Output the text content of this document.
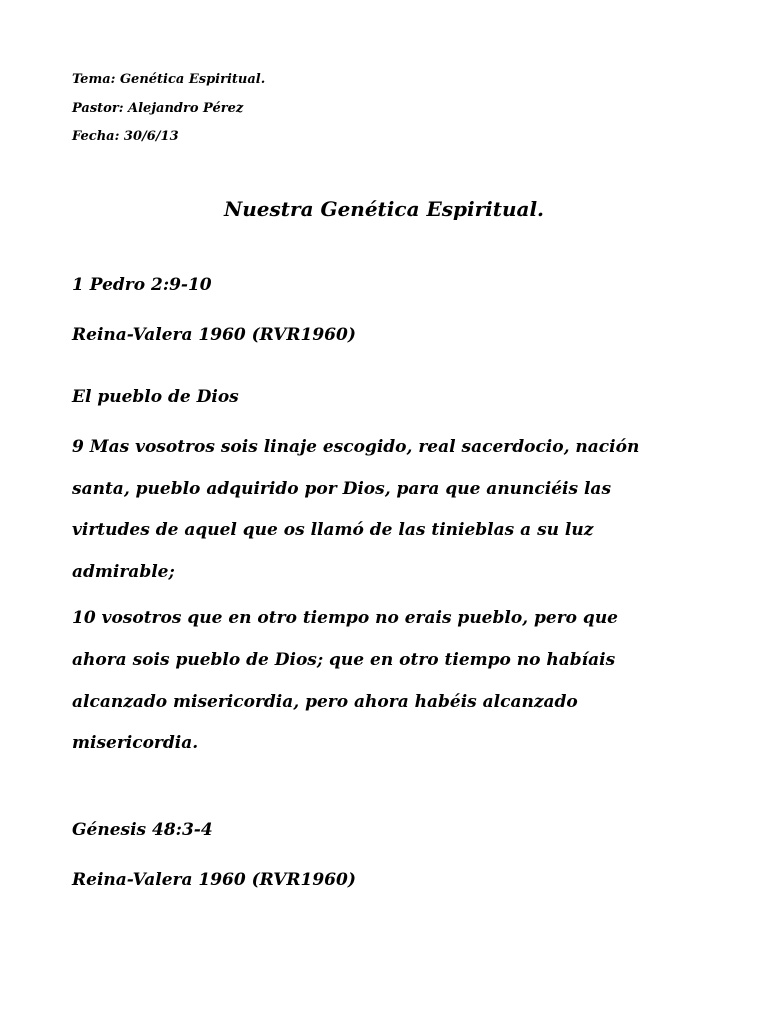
Tema: Genética Espiritual.
Pastor: Alejandro Pérez
Fecha: 30/6/13
Nuestra Genética Espiritual.
1 Pedro 2:9-10
Reina-Valera 1960 (RVR1960)
El pueblo de Dios
9 Mas vosotros sois linaje escogido, real sacerdocio, nación
santa, pueblo adquirido por Dios, para que anunciéis las
virtudes de aquel que os llamó de las tinieblas a su luz
admirable;
10 vosotros que en otro tiempo no erais pueblo, pero que
ahora sois pueblo de Dios; que en otro tiempo no habíais
alcanzado misericordia, pero ahora habéis alcanzado
misericordia.
Génesis 48:3-4
Reina-Valera 1960 (RVR1960)
